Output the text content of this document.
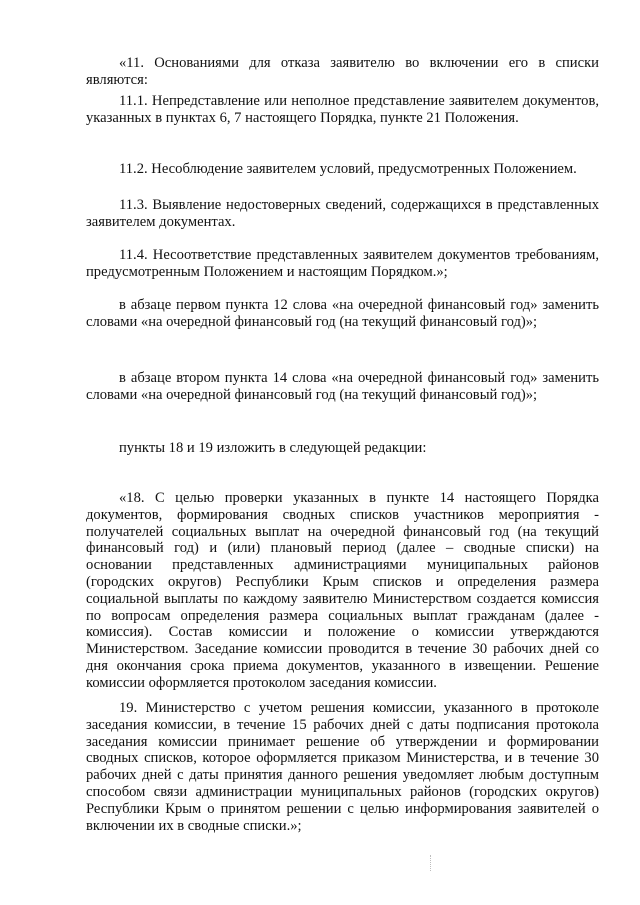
«11. Основаниями для отказа заявителю во включении его в списки являются:

11.1. Непредставление или неполное представление заявителем документов, указанных в пунктах 6, 7 настоящего Порядка, пункте 21 Положения.

11.2. Несоблюдение заявителем условий, предусмотренных Положением.

11.3. Выявление недостоверных сведений, содержащихся в представленных заявителем документах.

11.4. Несоответствие представленных заявителем документов требованиям, предусмотренным Положением и настоящим Порядком.»;

в абзаце первом пункта 12 слова «на очередной финансовый год» заменить словами «на очередной финансовый год (на текущий финансовый год)»;

в абзаце втором пункта 14 слова «на очередной финансовый год» заменить словами «на очередной финансовый год (на текущий финансовый год)»;

пункты 18 и 19 изложить в следующей редакции:

«18. С целью проверки указанных в пункте 14 настоящего Порядка документов, формирования сводных списков участников мероприятия - получателей социальных выплат на очередной финансовый год (на текущий финансовый год) и (или) плановый период (далее – сводные списки) на основании представленных администрациями муниципальных районов (городских округов) Республики Крым списков и определения размера социальной выплаты по каждому заявителю Министерством создается комиссия по вопросам определения размера социальных выплат гражданам (далее - комиссия). Состав комиссии и положение о комиссии утверждаются Министерством. Заседание комиссии проводится в течение 30 рабочих дней со дня окончания срока приема документов, указанного в извещении. Решение комиссии оформляется протоколом заседания комиссии.

19. Министерство с учетом решения комиссии, указанного в протоколе заседания комиссии, в течение 15 рабочих дней с даты подписания протокола заседания комиссии принимает решение об утверждении и формировании сводных списков, которое оформляется приказом Министерства, и в течение 30 рабочих дней с даты принятия данного решения уведомляет любым доступным способом связи администрации муниципальных районов (городских округов) Республики Крым о принятом решении с целью информирования заявителей о включении их в сводные списки.»;
